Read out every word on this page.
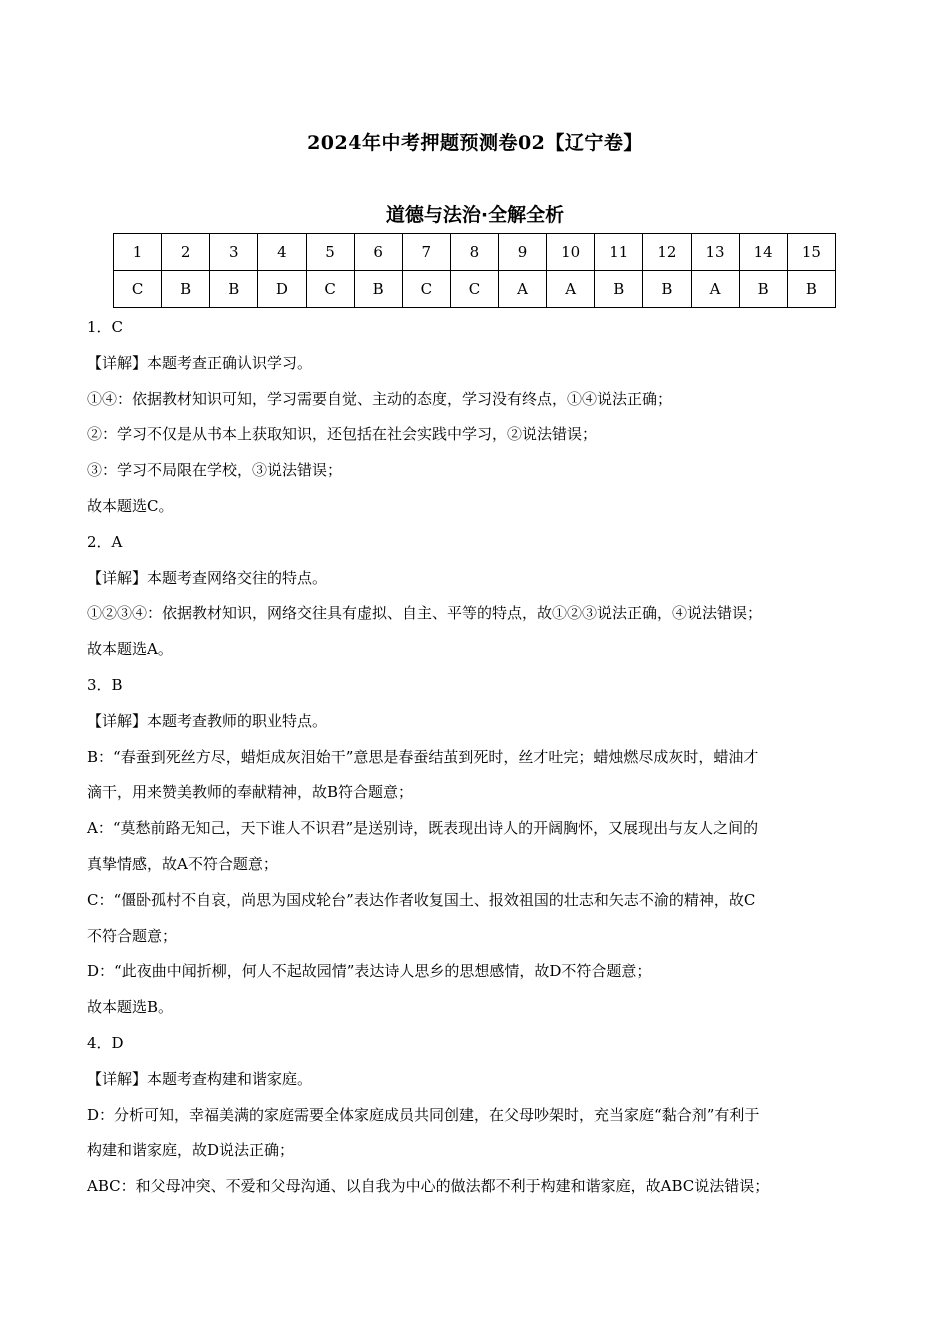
2024年中考押题预测卷02【辽宁卷】
道德与法治·全解全析
1	2	3	4	5	6	7	8	9	10	11	12	13	14	15
C	B	B	D	C	B	C	C	A	A	B	B	A	B	B
1．C
【详解】本题考查正确认识学习。
①④：依据教材知识可知，学习需要自觉、主动的态度，学习没有终点，①④说法正确；
②：学习不仅是从书本上获取知识，还包括在社会实践中学习，②说法错误；
③：学习不局限在学校，③说法错误；
故本题选C。
2．A
【详解】本题考查网络交往的特点。
①②③④：依据教材知识，网络交往具有虚拟、自主、平等的特点，故①②③说法正确，④说法错误；
故本题选A。
3．B
【详解】本题考查教师的职业特点。
B：“春蚕到死丝方尽，蜡炬成灰泪始干”意思是春蚕结茧到死时，丝才吐完；蜡烛燃尽成灰时，蜡油才
滴干，用来赞美教师的奉献精神，故B符合题意；
A：“莫愁前路无知己，天下谁人不识君”是送别诗，既表现出诗人的开阔胸怀，又展现出与友人之间的
真挚情感，故A不符合题意；
C：“僵卧孤村不自哀，尚思为国戍轮台”表达作者收复国土、报效祖国的壮志和矢志不渝的精神，故C
不符合题意；
D：“此夜曲中闻折柳，何人不起故园情”表达诗人思乡的思想感情，故D不符合题意；
故本题选B。
4．D
【详解】本题考查构建和谐家庭。
D：分析可知，幸福美满的家庭需要全体家庭成员共同创建，在父母吵架时，充当家庭“黏合剂”有利于
构建和谐家庭，故D说法正确；
ABC：和父母冲突、不爱和父母沟通、以自我为中心的做法都不利于构建和谐家庭，故ABC说法错误；
